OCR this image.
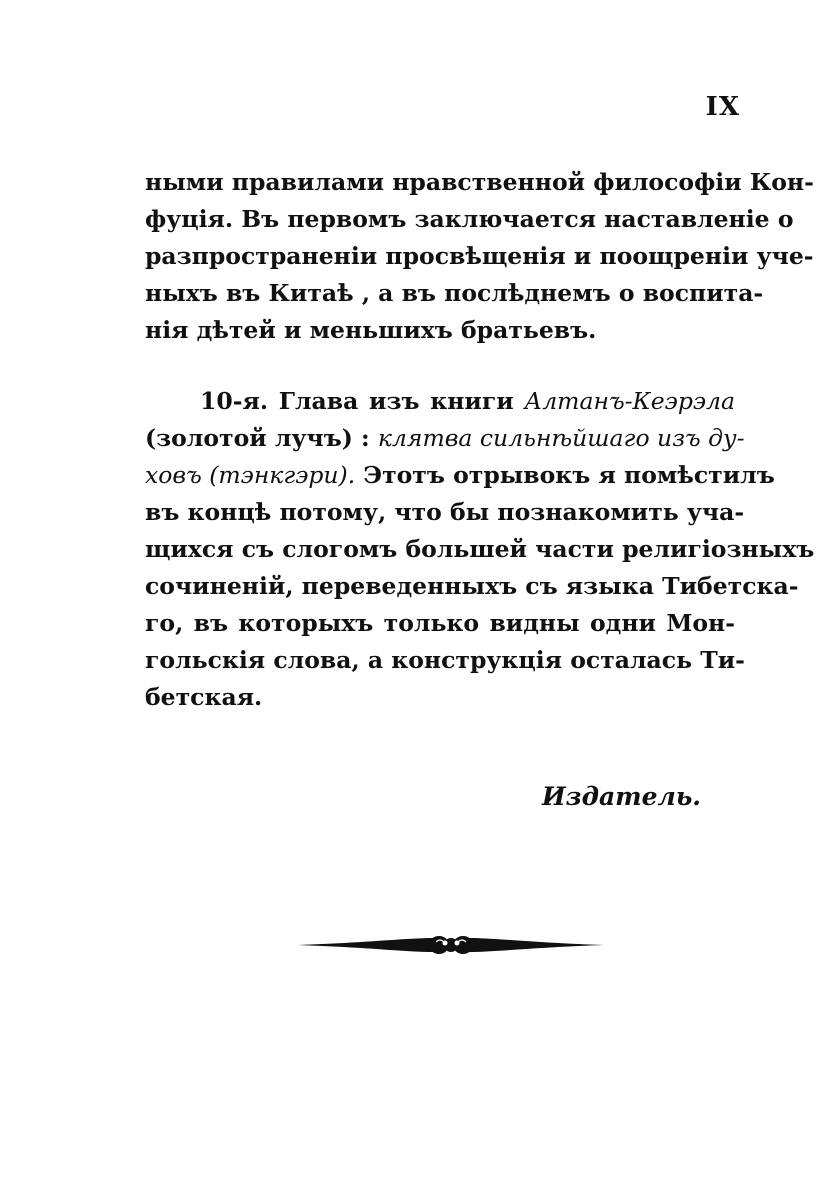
IX
ными правилами нравственной философіи Кон-
фуція. Въ первомъ заключается наставленіе о
разпространеніи просвѣщенія и поощреніи уче-
ныхъ въ Китаѣ , а въ послѣднемъ о воспита-
нія дѣтей и меньшихъ братьевъ.
10-я. Глава изъ книги Алтанъ-Кеэрэла
(золотой лучъ) : клятва сильнѣйшаго изъ ду-
ховъ (тэнкгэри). Этотъ отрывокъ я помѣстилъ
въ концѣ потому, что бы познакомить уча-
щихся съ слогомъ большей части религіозныхъ
сочиненій, переведенныхъ съ языка Тибетска-
го, въ которыхъ только видны одни Мон-
гольскія слова, а конструкція осталась Ти-
бетская.
Издатель.
